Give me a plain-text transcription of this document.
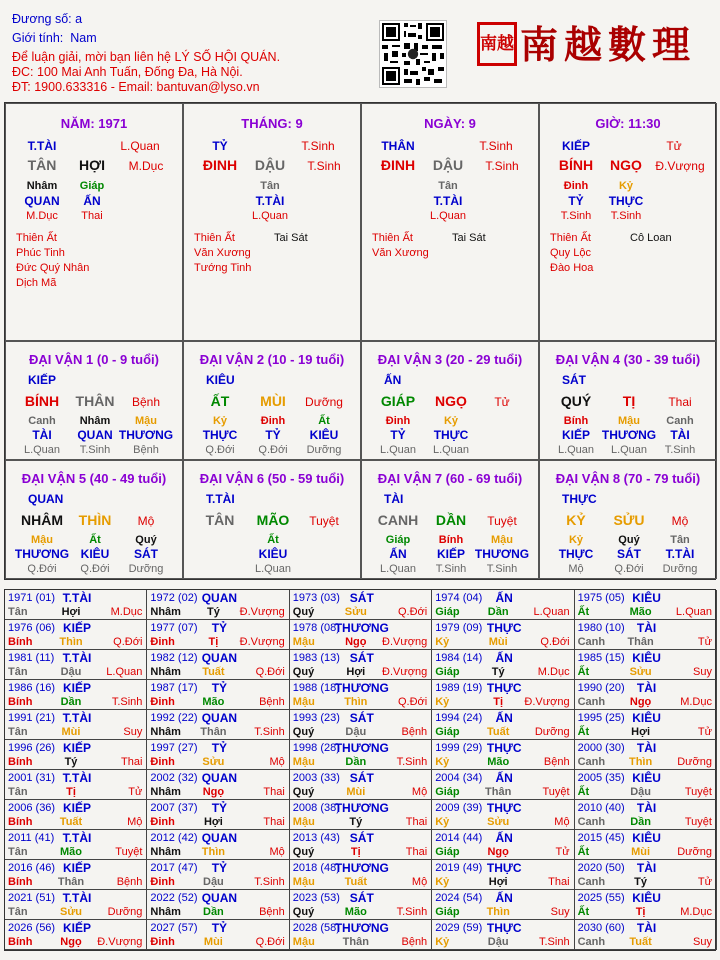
Đương số: a
Giới tính: Nam
Để luận giải, mời bạn liên hệ LÝ SỐ HỘI QUÁN.
ĐC: 100 Mai Anh Tuấn, Đống Đa, Hà Nội.
ĐT: 1900.633316 - Email: bantuvan@lyso.vn
南越 南越數理
NĂM: 1971
T.TÀI	L.Quan
TÂN HỢI M.Dục
Nhâm
QUAN
M.Dục
Giáp
ẤN
Thai
Thiên Ất
Phúc Tinh
Đức Quý Nhân
Dịch Mã
THÁNG: 9
TỶ	T.Sinh
ĐINH DẬU T.Sinh
Tân
T.TÀI
L.Quan
Thiên Ất
Văn Xương
Tướng Tinh
Tai Sát
NGÀY: 9
THÂN	T.Sinh
ĐINH DẬU T.Sinh
Tân
T.TÀI
L.Quan
Thiên Ất
Văn Xương
Tai Sát
GIỜ: 11:30
KIẾP	Tử
BÍNH NGỌ Đ.Vượng
Đinh
TỶ
T.Sinh
Kỷ
THỰC
T.Sinh
Thiên Ất
Quy Lộc
Đào Hoa
Cô Loan
ĐẠI VẬN 1 (0 - 9 tuổi)
KIẾP
BÍNH THÂN Bệnh
Canh
TÀI
L.Quan
Nhâm
QUAN
T.Sinh
Mậu
THƯƠNG
Bệnh
ĐẠI VẬN 2 (10 - 19 tuổi)
KIÊU
ẤT MÙI Dưỡng
Kỷ
THỰC
Q.Đới
Đinh
TỶ
Q.Đới
Ất
KIÊU
Dưỡng
ĐẠI VẬN 3 (20 - 29 tuổi)
ẤN
GIÁP NGỌ Tử
Đinh
TỶ
L.Quan
Kỷ
THỰC
L.Quan
ĐẠI VẬN 4 (30 - 39 tuổi)
SÁT
QUÝ TỊ	Thai
Bính
KIẾP
L.Quan
Mậu
THƯƠNG
L.Quan
Canh
TÀI
T.Sinh
ĐẠI VẬN 5 (40 - 49 tuổi)
QUAN
NHÂM THÌN Mộ
Mậu
THƯƠNG
Q.Đới
Ất
KIÊU
Q.Đới
Quý
SÁT
Dưỡng
ĐẠI VẬN 6 (50 - 59 tuổi)
T.TÀI
TÂN MÃO Tuyệt
Ất
KIÊU
L.Quan
ĐẠI VẬN 7 (60 - 69 tuổi)
TÀI
CANH DẦN Tuyệt
Giáp
ẤN
L.Quan
Bính
KIẾP
T.Sinh
Mậu
THƯƠNG
T.Sinh
ĐẠI VẬN 8 (70 - 79 tuổi)
THỰC
KỶ SỬU Mộ
Kỷ
THỰC
Mộ
Quý
SÁT
Q.Đới
Tân
T.TÀI
Dưỡng
1971 (01) T.TÀI
Tân	Hợi	M.Dục
1972 (02) QUAN
Nhâm Tý Đ.Vượng
1973 (03) SÁT
Quý	Sửu	Q.Đới
1974 (04) ẤN
Giáp	Dần L.Quan
1975 (05) KIÊU
Ất	Mão L.Quan
1976 (06) KIẾP
Bính Thìn	Q.Đới
1977 (07) TỶ
Đinh	Tị Đ.Vượng
1978 (08)
THƯƠNG
Mậu	Ngọ Đ.Vượng
1979 (09) THỰC
Kỷ	Mùi	Q.Đới
1980 (10) TÀI
Canh Thân	Tử
1981 (11) T.TÀI
Tân	Dậu L.Quan
1982 (12) QUAN
Nhâm Tuất	Q.Đới
1983 (13) SÁT
Quý	Hợi Đ.Vượng
1984 (14) ẤN
Giáp	Tý	M.Dục
1985 (15) KIÊU
Ất	Sửu	Suy
1986 (16) KIẾP
Bính	Dần	T.Sinh
1987 (17) TỶ
Đinh	Mão	Bệnh
1988 (18)
THƯƠNG
Mậu	Thìn	Q.Đới
1989 (19) THỰC
Kỷ	Tị Đ.Vượng
1990 (20) TÀI
Canh Ngọ	M.Dục
1991 (21) T.TÀI
Tân	Mùi	Suy
1992 (22) QUAN
Nhâm Thân	T.Sinh
1993 (23) SÁT
Quý	Dậu	Bệnh
1994 (24) ẤN
Giáp Tuất Dưỡng
1995 (25) KIÊU
Ất	Hợi	Tử
1996 (26) KIẾP
Bính	Tý	Thai
1997 (27) TỶ
Đinh	Sửu	Mộ
1998 (28)
THƯƠNG
Mậu	Dần	T.Sinh
1999 (29) THỰC
Kỷ	Mão	Bệnh
2000 (30) TÀI
Canh Thìn Dưỡng
2001 (31) T.TÀI
Tân	Tị	Tử
2002 (32) QUAN
Nhâm Ngọ	Thai
2003 (33) SÁT
Quý	Mùi	Mộ
2004 (34) ẤN
Giáp Thân	Tuyệt
2005 (35) KIÊU
Ất	Dậu	Tuyệt
2006 (36) KIẾP
Bính Tuất	Mộ
2007 (37) TỶ
Đinh	Hợi	Thai
2008 (38)
THƯƠNG
Mậu	Tý	Thai
2009 (39) THỰC
Kỷ	Sửu	Mộ
2010 (40) TÀI
Canh Dần	Tuyệt
2011 (41) T.TÀI
Tân	Mão	Tuyệt
2012 (42) QUAN
Nhâm Thìn	Mộ
2013 (43) SÁT
Quý	Tị	Thai
2014 (44) ẤN
Giáp	Ngọ	Tử
2015 (45) KIÊU
Ất	Mùi Dưỡng
2016 (46) KIẾP
Bính Thân	Bệnh
2017 (47) TỶ
Đinh	Dậu	T.Sinh
2018 (48)
THƯƠNG
Mậu	Tuất	Mộ
2019 (49) THỰC
Kỷ	Hợi	Thai
2020 (50) TÀI
Canh	Tý	Tử
2021 (51) T.TÀI
Tân	Sửu Dưỡng
2022 (52) QUAN
Nhâm Dần	Bệnh
2023 (53) SÁT
Quý	Mão	T.Sinh
2024 (54) ẤN
Giáp Thìn	Suy
2025 (55) KIÊU
Ất	Tị	M.Dục
2026 (56) KIẾP
Bính	Ngọ Đ.Vượng
2027 (57) TỶ
Đinh	Mùi	Q.Đới
2028 (58)
THƯƠNG
Mậu	Thân	Bệnh
2029 (59) THỰC
Kỷ	Dậu	T.Sinh
2030 (60) TÀI
Canh Tuất	Suy
